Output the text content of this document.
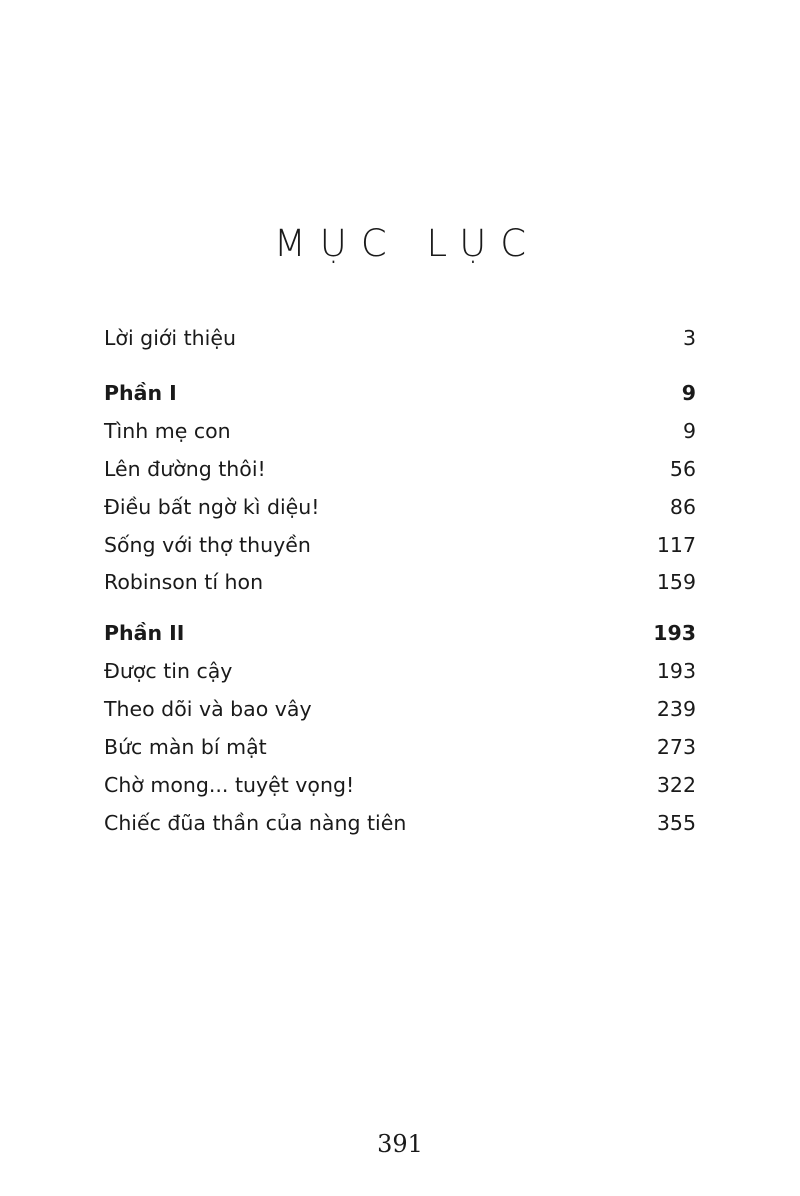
MỤC LỤC
Lời giới thiệu	3
Phần I	9
Tình mẹ con	9
Lên đường thôi!	56
Điều bất ngờ kì diệu!	86
Sống với thợ thuyền	117
Robinson tí hon	159
Phần II	193
Được tin cậy	193
Theo dõi và bao vây	239
Bức màn bí mật	273
Chờ mong... tuyệt vọng!	322
Chiếc đũa thần của nàng tiên	355
391
